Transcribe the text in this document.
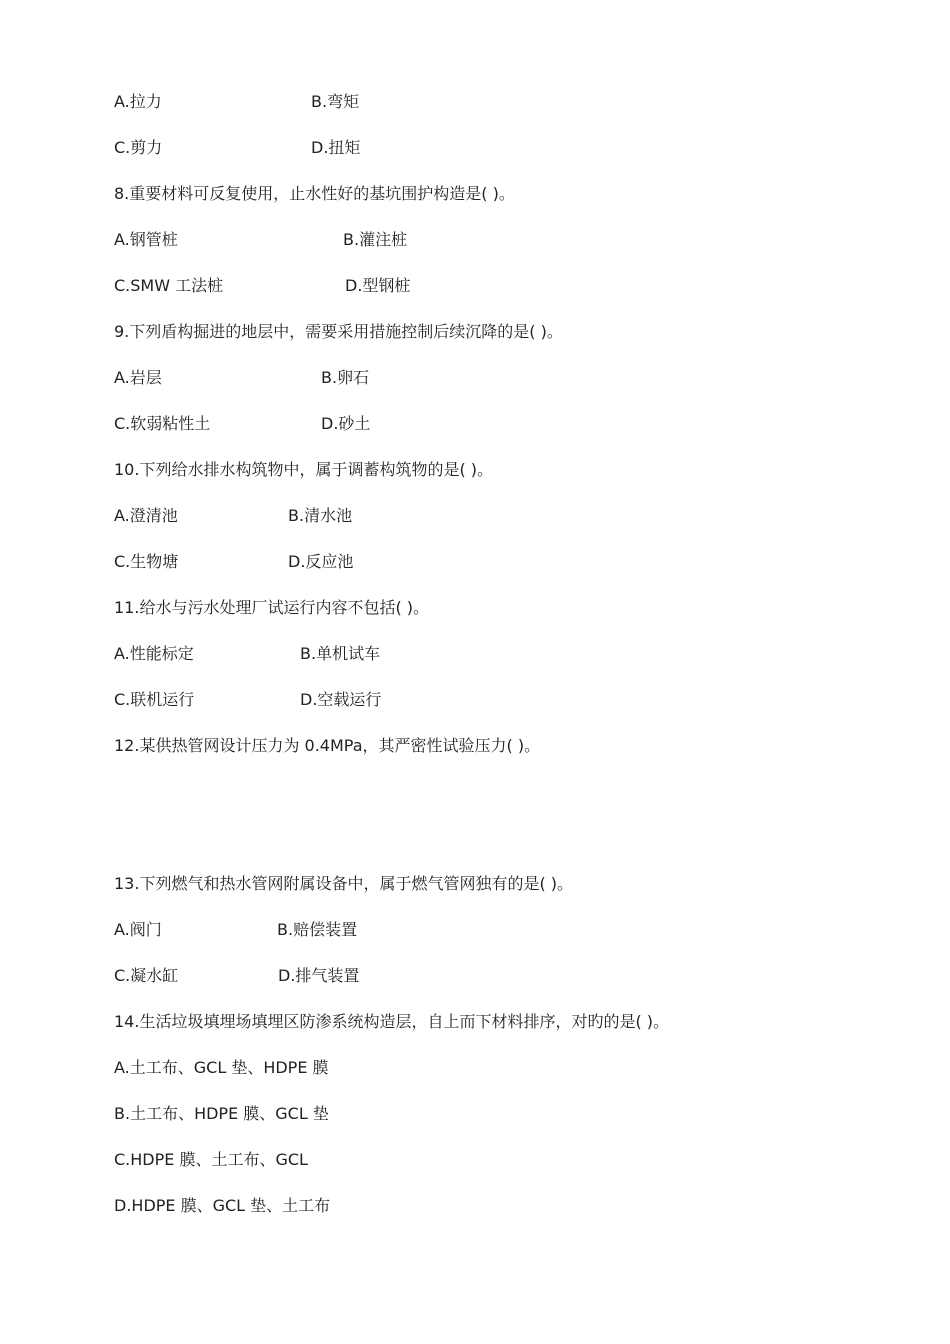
A.拉力	B.弯矩
C.剪力	D.扭矩
8.重要材料可反复使用，止水性好的基坑围护构造是( )。
A.钢管桩	B.灌注桩
C.SMW 工法桩	D.型钢桩
9.下列盾构掘进的地层中，需要采用措施控制后续沉降的是( )。
A.岩层	B.卵石
C.软弱粘性土	D.砂土
10.下列给水排水构筑物中，属于调蓄构筑物的是( )。
A.澄清池	B.清水池
C.生物塘	D.反应池
11.给水与污水处理厂试运行内容不包括( )。
A.性能标定	B.单机试车
C.联机运行	D.空载运行
12.某供热管网设计压力为 0.4MPa，其严密性试验压力( )。
13.下列燃气和热水管网附属设备中，属于燃气管网独有的是( )。
A.阀门	B.赔偿装置
C.凝水缸	D.排气装置
14.生活垃圾填埋场填埋区防渗系统构造层，自上而下材料排序，对旳的是( )。
A.土工布、GCL 垫、HDPE 膜
B.土工布、HDPE 膜、GCL 垫
C.HDPE 膜、土工布、GCL
D.HDPE 膜、GCL 垫、土工布
